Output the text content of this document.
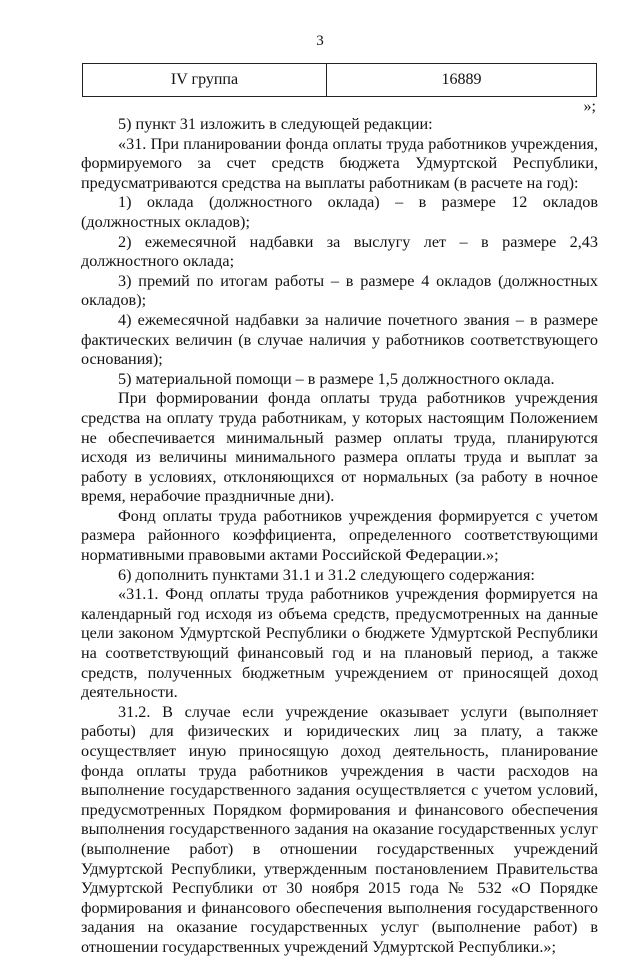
3
IV группа	16889
»;

5) пункт 31 изложить в следующей редакции:

«31. При планировании фонда оплаты труда работников учреждения, формируемого за счет средств бюджета Удмуртской Республики, предусматриваются средства на выплаты работникам (в расчете на год):

1) оклада (должностного оклада) – в размере 12 окладов (должностных окладов);

2) ежемесячной надбавки за выслугу лет – в размере 2,43 должностного оклада;

3) премий по итогам работы – в размере 4 окладов (должностных окладов);

4) ежемесячной надбавки за наличие почетного звания – в размере фактических величин (в случае наличия у работников соответствующего основания);

5) материальной помощи – в размере 1,5 должностного оклада.

При формировании фонда оплаты труда работников учреждения средства на оплату труда работникам, у которых настоящим Положением не обеспечивается минимальный размер оплаты труда, планируются исходя из величины минимального размера оплаты труда и выплат за работу в условиях, отклоняющихся от нормальных (за работу в ночное время, нерабочие праздничные дни).

Фонд оплаты труда работников учреждения формируется с учетом размера районного коэффициента, определенного соответствующими нормативными правовыми актами Российской Федерации.»;

6) дополнить пунктами 31.1 и 31.2 следующего содержания:

«31.1. Фонд оплаты труда работников учреждения формируется на календарный год исходя из объема средств, предусмотренных на данные цели законом Удмуртской Республики о бюджете Удмуртской Республики на соответствующий финансовый год и на плановый период, а также средств, полученных бюджетным учреждением от приносящей доход деятельности.

31.2. В случае если учреждение оказывает услуги (выполняет работы) для физических и юридических лиц за плату, а также осуществляет иную приносящую доход деятельность, планирование фонда оплаты труда работников учреждения в части расходов на выполнение государственного задания осуществляется с учетом условий, предусмотренных Порядком формирования и финансового обеспечения выполнения государственного задания на оказание государственных услуг (выполнение работ) в отношении государственных учреждений Удмуртской Республики, утвержденным постановлением Правительства Удмуртской Республики от 30 ноября 2015 года № 532 «О Порядке формирования и финансового обеспечения выполнения государственного задания на оказание государственных услуг (выполнение работ) в отношении государственных учреждений Удмуртской Республики.»;
